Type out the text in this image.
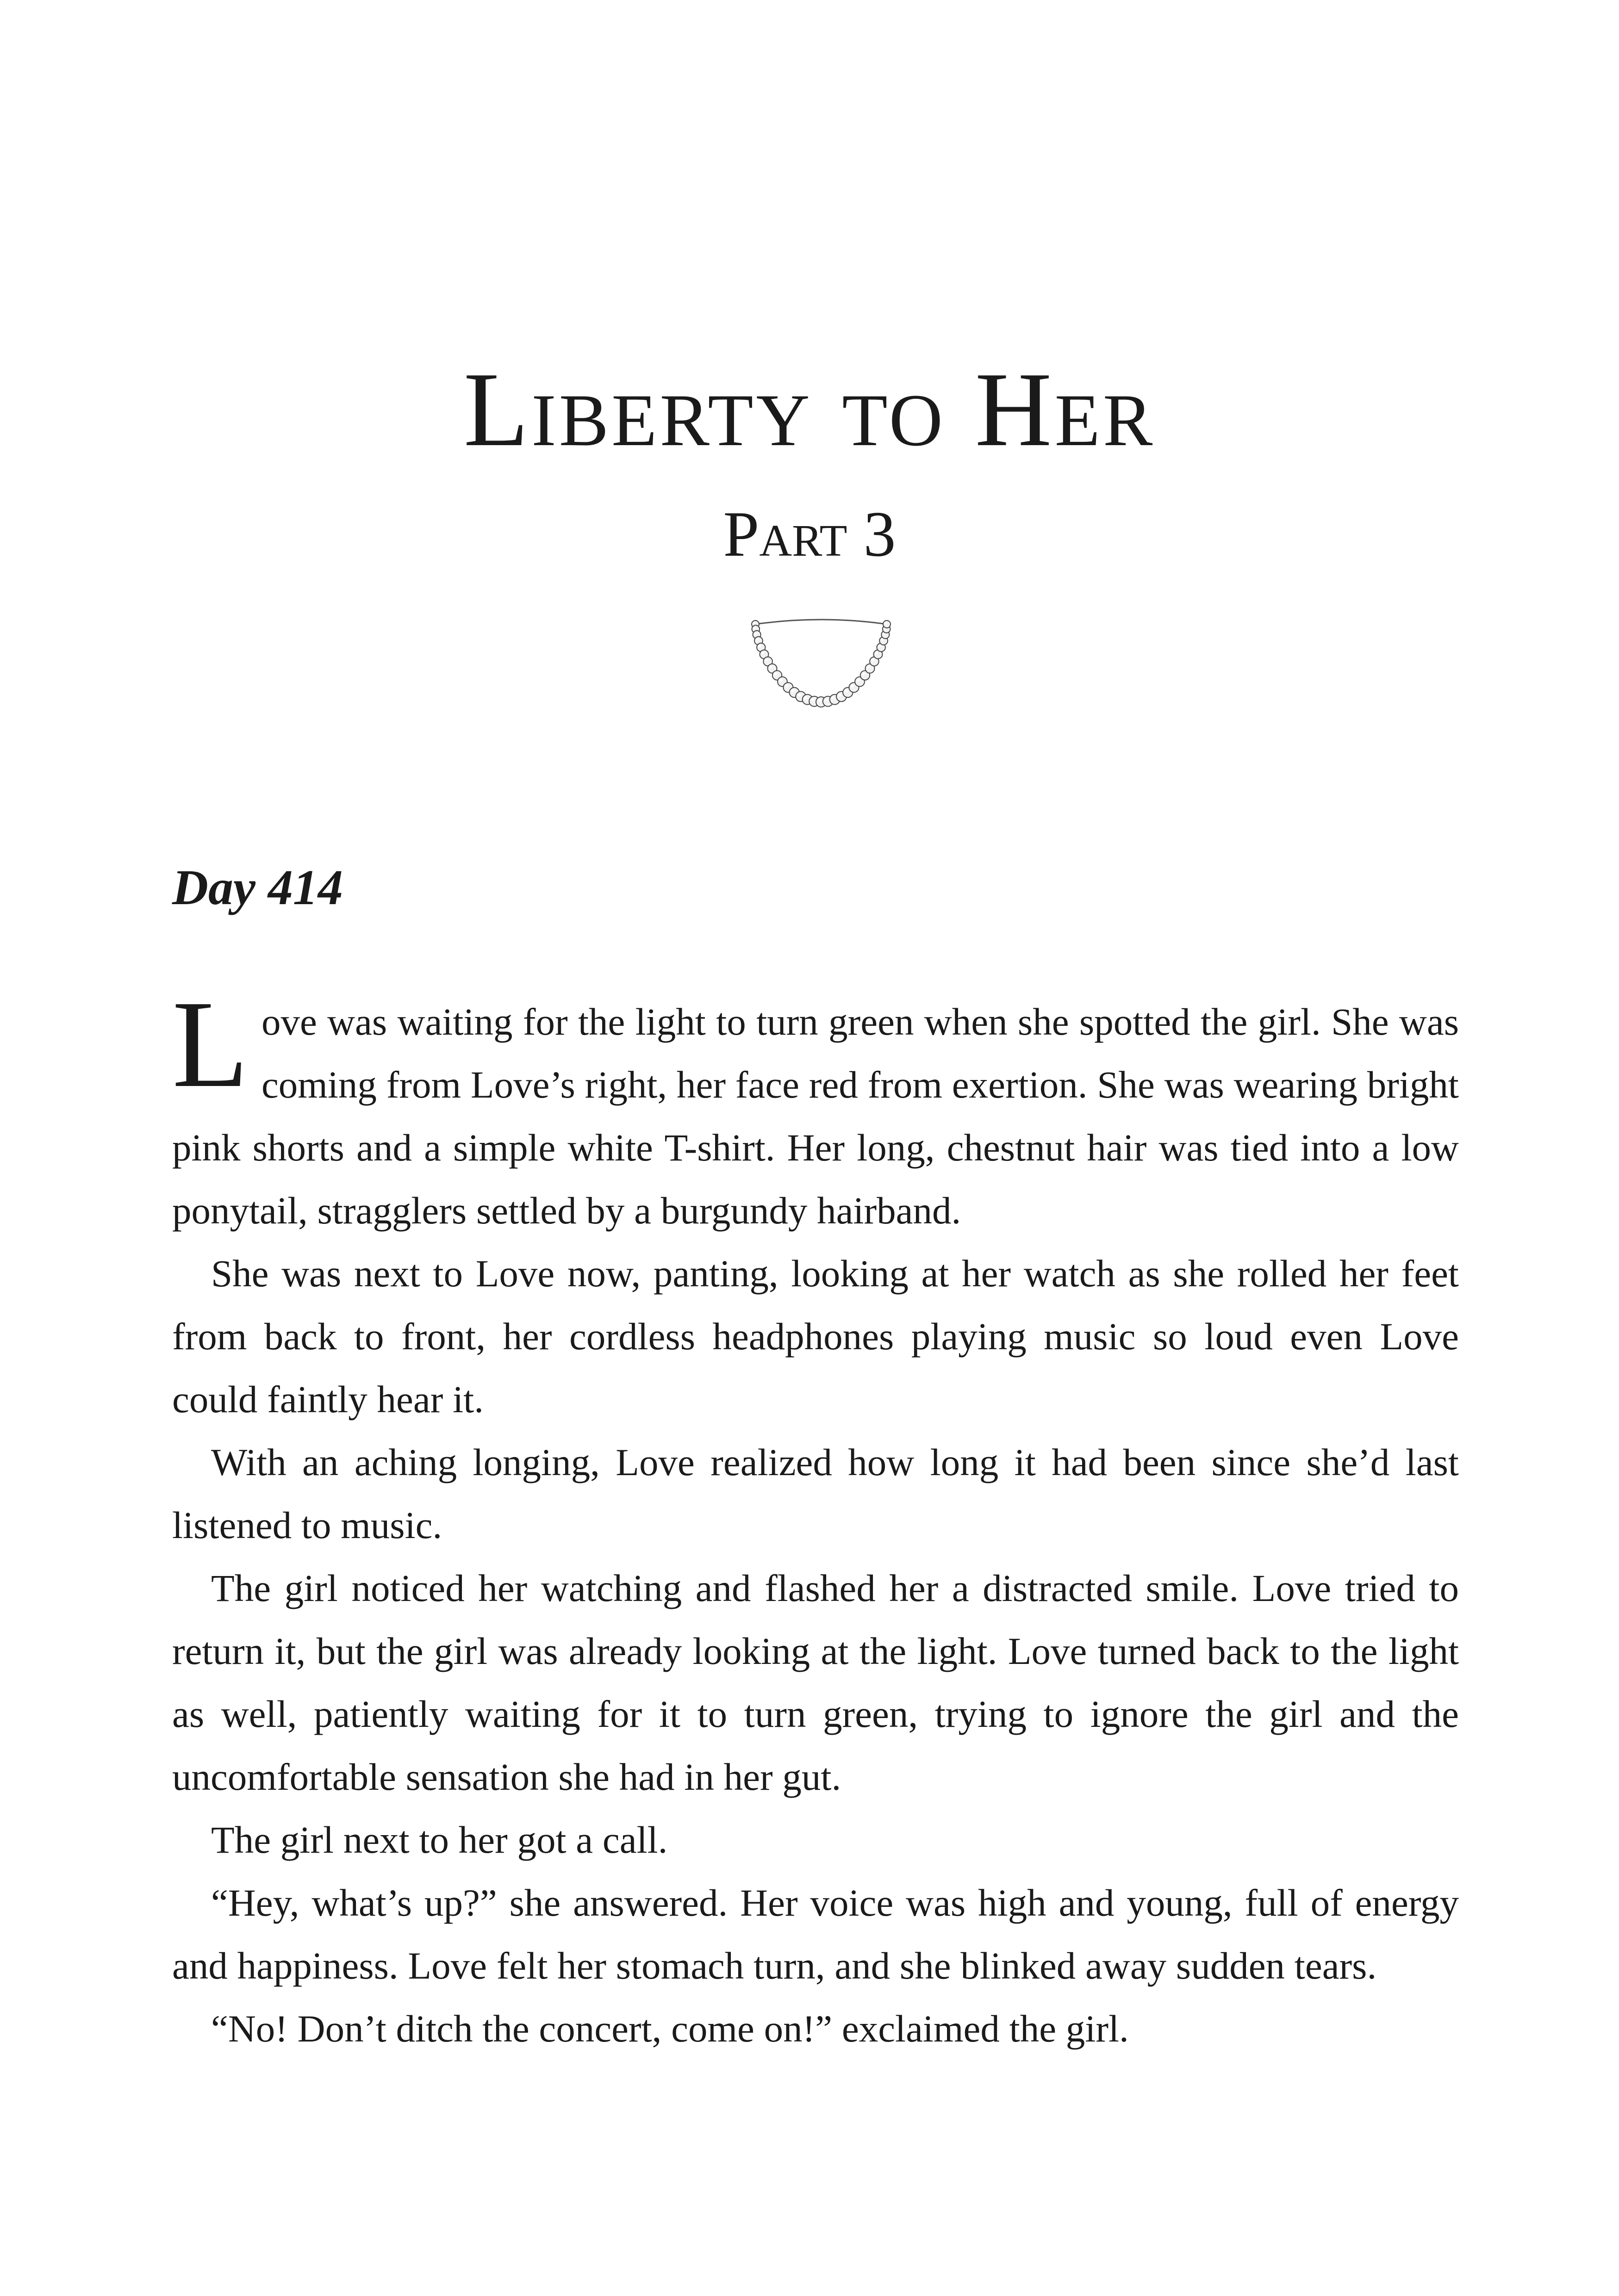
Liberty to Her
Part 3
Day 414

Love was waiting for the light to turn green when she spotted the girl. She was coming from Love’s right, her face red from exertion. She was wearing bright pink shorts and a simple white T-shirt. Her long, chestnut hair was tied into a low ponytail, stragglers settled by a burgundy hairband.

She was next to Love now, panting, looking at her watch as she rolled her feet from back to front, her cordless headphones playing music so loud even Love could faintly hear it.

With an aching longing, Love realized how long it had been since she’d last listened to music.

The girl noticed her watching and flashed her a distracted smile. Love tried to return it, but the girl was already looking at the light. Love turned back to the light as well, patiently waiting for it to turn green, trying to ignore the girl and the uncomfortable sensation she had in her gut.

The girl next to her got a call.

“Hey, what’s up?” she answered. Her voice was high and young, full of energy and happiness. Love felt her stomach turn, and she blinked away sudden tears.

“No! Don’t ditch the concert, come on!” exclaimed the girl.
